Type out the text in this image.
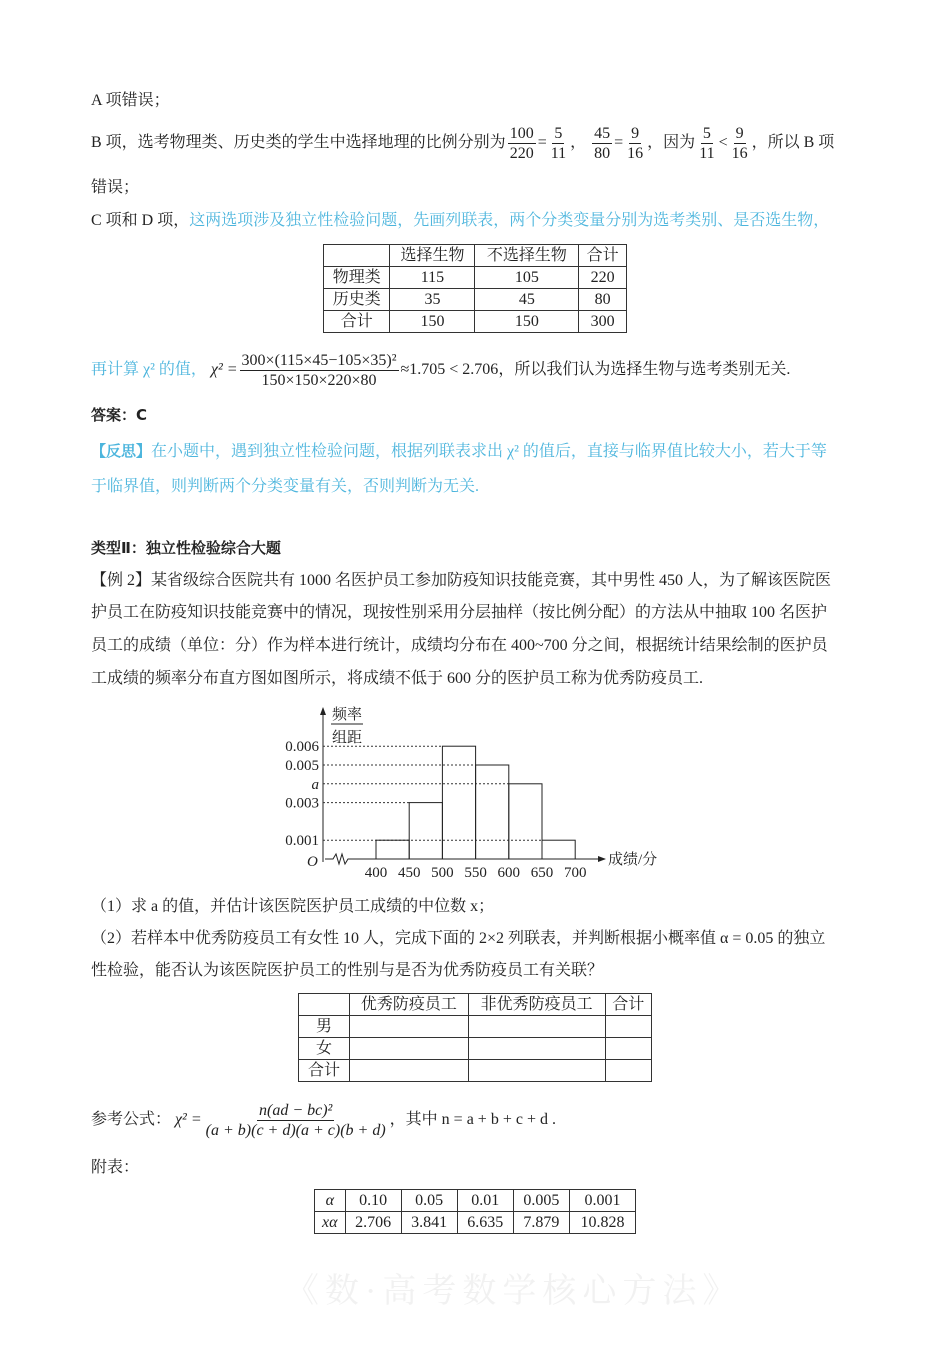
《数·高考数学核心方法》
A 项错误；
B 项，选考物理类、历史类的学生中选择地理的比例分别为 $\frac{100}{220} = \frac{5}{11}$ ， $\frac{45}{80} = \frac{9}{16}$ ，因为 $\frac{5}{11} < \frac{9}{16}$ ，所以 B 项
错误；
C 项和 D 项，这两选项涉及独立性检验问题，先画列联表，两个分类变量分别为选考类别、是否选生物，
	选择生物	不选择生物	合计
物理类	115	105	220
历史类	35	45	80
合计	150	150	300
再计算 χ² 的值， $\chi^2 = \frac{\text{300×(115×45−105×35)²}}{150\times 150\times 220\times 80} \approx 1.705 < 2.706$，所以我们认为选择生物与选考类别无关.
答案：C
【反思】在小题中，遇到独立性检验问题，根据列联表求出 χ² 的值后，直接与临界值比较大小，若大于等
于临界值，则判断两个分类变量有关，否则判断为无关.
类型Ⅱ：独立性检验综合大题
【例 2】某省级综合医院共有 1000 名医护员工参加防疫知识技能竞赛，其中男性 450 人，为了解该医院医
护员工在防疫知识技能竞赛中的情况，现按性别采用分层抽样（按比例分配）的方法从中抽取 100 名医护
员工的成绩（单位：分）作为样本进行统计，成绩均分布在 400~700 分之间，根据统计结果绘制的医护员
工成绩的频率分布直方图如图所示，将成绩不低于 600 分的医护员工称为优秀防疫员工.
频率
组距
成绩/分
O
0.006
0.005
a
0.003
0.001
400 450 500 550 600 650 700
（1）求 a 的值，并估计该医院医护员工成绩的中位数 x；
（2）若样本中优秀防疫员工有女性 10 人，完成下面的 2×2 列联表，并判断根据小概率值 α = 0.05 的独立
性检验，能否认为该医院医护员工的性别与是否为优秀防疫员工有关联？
	优秀防疫员工	非优秀防疫员工	合计
男			
女			
合计			
参考公式： $\chi^2 = \frac{\text{n(ad − bc)²}}{(a + b)(c + d)(a + c)(b + d)}$ ，其中 n = a + b + c + d .
附表：
α	0.10	0.05	0.01	0.005	0.001
xα	2.706	3.841	6.635	7.879	10.828
